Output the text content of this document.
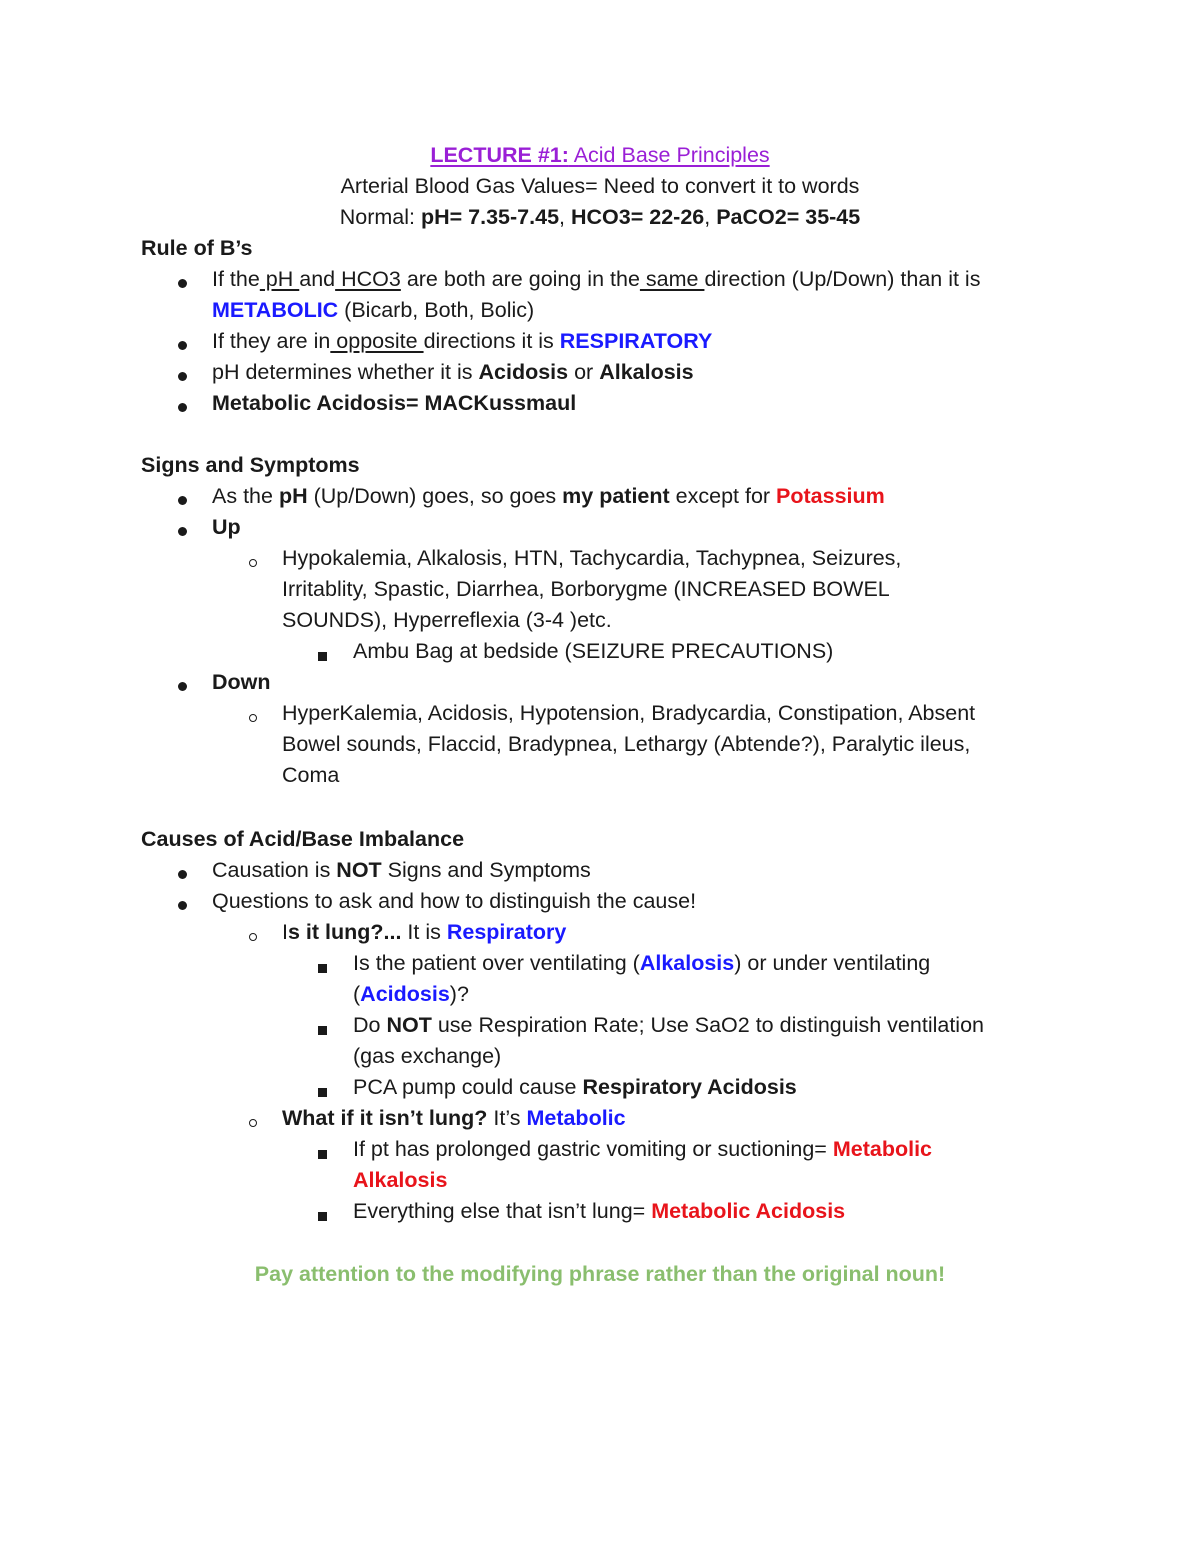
LECTURE #1: Acid Base Principles
Arterial Blood Gas Values= Need to convert it to words
Normal: pH= 7.35-7.45, HCO3= 22-26, PaCO2= 35-45
Rule of B’s
If the pH and HCO3 are both are going in the same direction (Up/Down) than it is
METABOLIC (Bicarb, Both, Bolic)
If they are in opposite directions it is RESPIRATORY
pH determines whether it is Acidosis or Alkalosis
Metabolic Acidosis= MACKussmaul
Signs and Symptoms
As the pH (Up/Down) goes, so goes my patient except for Potassium
Up
Hypokalemia, Alkalosis, HTN, Tachycardia, Tachypnea, Seizures,
Irritablity, Spastic, Diarrhea, Borborygme (INCREASED BOWEL
SOUNDS), Hyperreflexia (3-4 )etc.
Ambu Bag at bedside (SEIZURE PRECAUTIONS)
Down
HyperKalemia, Acidosis, Hypotension, Bradycardia, Constipation, Absent
Bowel sounds, Flaccid, Bradypnea, Lethargy (Abtende?), Paralytic ileus,
Coma
Causes of Acid/Base Imbalance
Causation is NOT Signs and Symptoms
Questions to ask and how to distinguish the cause!
Is it lung?... It is Respiratory
Is the patient over ventilating (Alkalosis) or under ventilating
(Acidosis)?
Do NOT use Respiration Rate; Use SaO2 to distinguish ventilation
(gas exchange)
PCA pump could cause Respiratory Acidosis
What if it isn’t lung? It’s Metabolic
If pt has prolonged gastric vomiting or suctioning= Metabolic
Alkalosis
Everything else that isn’t lung= Metabolic Acidosis
Pay attention to the modifying phrase rather than the original noun!
